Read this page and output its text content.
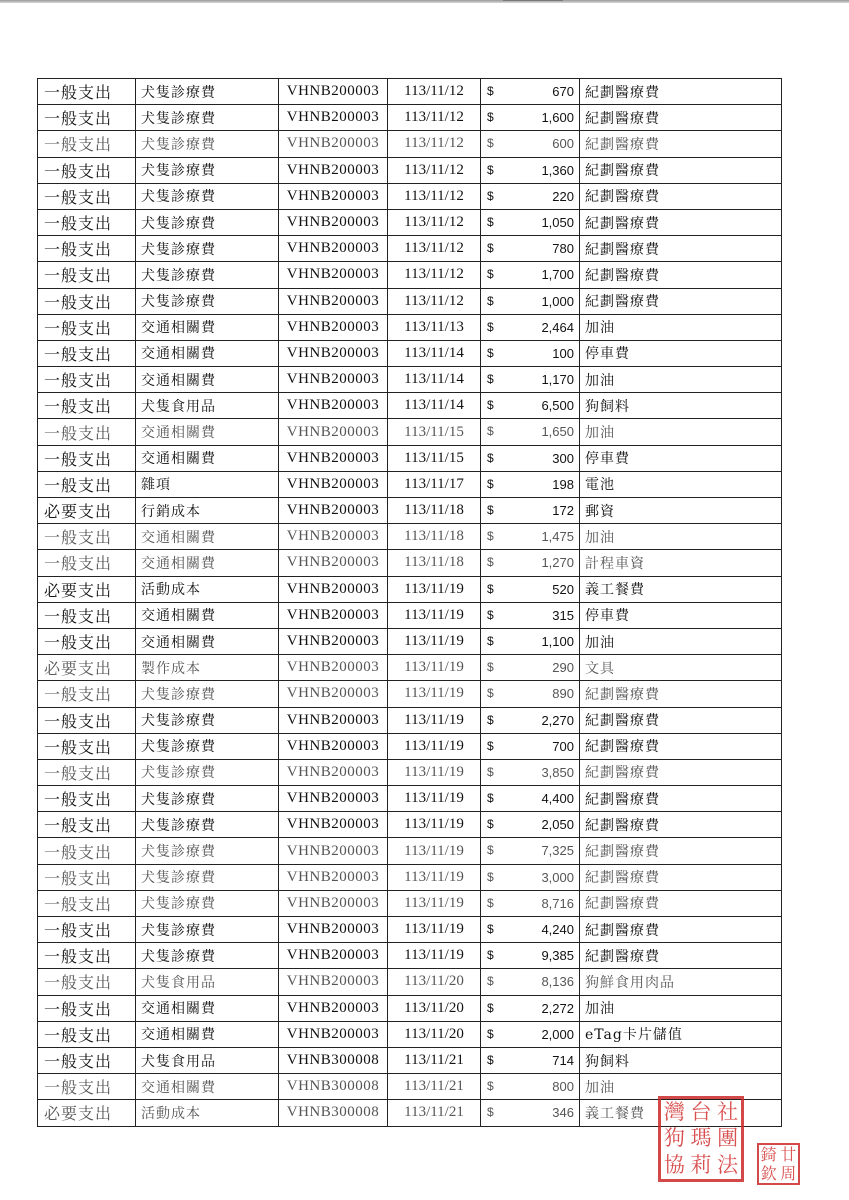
一般支出	犬隻診療費	VHNB200003	113/11/12	$ 670	紀劃醫療費
一般支出	犬隻診療費	VHNB200003	113/11/12	$ 1,600	紀劃醫療費
一般支出	犬隻診療費	VHNB200003	113/11/12	$ 600	紀劃醫療費
一般支出	犬隻診療費	VHNB200003	113/11/12	$ 1,360	紀劃醫療費
一般支出	犬隻診療費	VHNB200003	113/11/12	$ 220	紀劃醫療費
一般支出	犬隻診療費	VHNB200003	113/11/12	$ 1,050	紀劃醫療費
一般支出	犬隻診療費	VHNB200003	113/11/12	$ 780	紀劃醫療費
一般支出	犬隻診療費	VHNB200003	113/11/12	$ 1,700	紀劃醫療費
一般支出	犬隻診療費	VHNB200003	113/11/12	$ 1,000	紀劃醫療費
一般支出	交通相關費	VHNB200003	113/11/13	$ 2,464	加油
一般支出	交通相關費	VHNB200003	113/11/14	$ 100	停車費
一般支出	交通相關費	VHNB200003	113/11/14	$ 1,170	加油
一般支出	犬隻食用品	VHNB200003	113/11/14	$ 6,500	狗飼料
一般支出	交通相關費	VHNB200003	113/11/15	$ 1,650	加油
一般支出	交通相關費	VHNB200003	113/11/15	$ 300	停車費
一般支出	雜項	VHNB200003	113/11/17	$ 198	電池
必要支出	行銷成本	VHNB200003	113/11/18	$ 172	郵資
一般支出	交通相關費	VHNB200003	113/11/18	$ 1,475	加油
一般支出	交通相關費	VHNB200003	113/11/18	$ 1,270	計程車資
必要支出	活動成本	VHNB200003	113/11/19	$ 520	義工餐費
一般支出	交通相關費	VHNB200003	113/11/19	$ 315	停車費
一般支出	交通相關費	VHNB200003	113/11/19	$ 1,100	加油
必要支出	製作成本	VHNB200003	113/11/19	$ 290	文具
一般支出	犬隻診療費	VHNB200003	113/11/19	$ 890	紀劃醫療費
一般支出	犬隻診療費	VHNB200003	113/11/19	$ 2,270	紀劃醫療費
一般支出	犬隻診療費	VHNB200003	113/11/19	$ 700	紀劃醫療費
一般支出	犬隻診療費	VHNB200003	113/11/19	$ 3,850	紀劃醫療費
一般支出	犬隻診療費	VHNB200003	113/11/19	$ 4,400	紀劃醫療費
一般支出	犬隻診療費	VHNB200003	113/11/19	$ 2,050	紀劃醫療費
一般支出	犬隻診療費	VHNB200003	113/11/19	$ 7,325	紀劃醫療費
一般支出	犬隻診療費	VHNB200003	113/11/19	$ 3,000	紀劃醫療費
一般支出	犬隻診療費	VHNB200003	113/11/19	$ 8,716	紀劃醫療費
一般支出	犬隻診療費	VHNB200003	113/11/19	$ 4,240	紀劃醫療費
一般支出	犬隻診療費	VHNB200003	113/11/19	$ 9,385	紀劃醫療費
一般支出	犬隻食用品	VHNB200003	113/11/20	$ 8,136	狗鮮食用肉品
一般支出	交通相關費	VHNB200003	113/11/20	$ 2,272	加油
一般支出	交通相關費	VHNB200003	113/11/20	$ 2,000	eTag卡片儲值
一般支出	犬隻食用品	VHNB300008	113/11/21	$ 714	狗飼料
一般支出	交通相關費	VHNB300008	113/11/21	$ 800	加油
必要支出	活動成本	VHNB300008	113/11/21	$ 346	義工餐費 灣 台 社
狗 瑪 團
協 莉 法 錡 廿
欽 周
